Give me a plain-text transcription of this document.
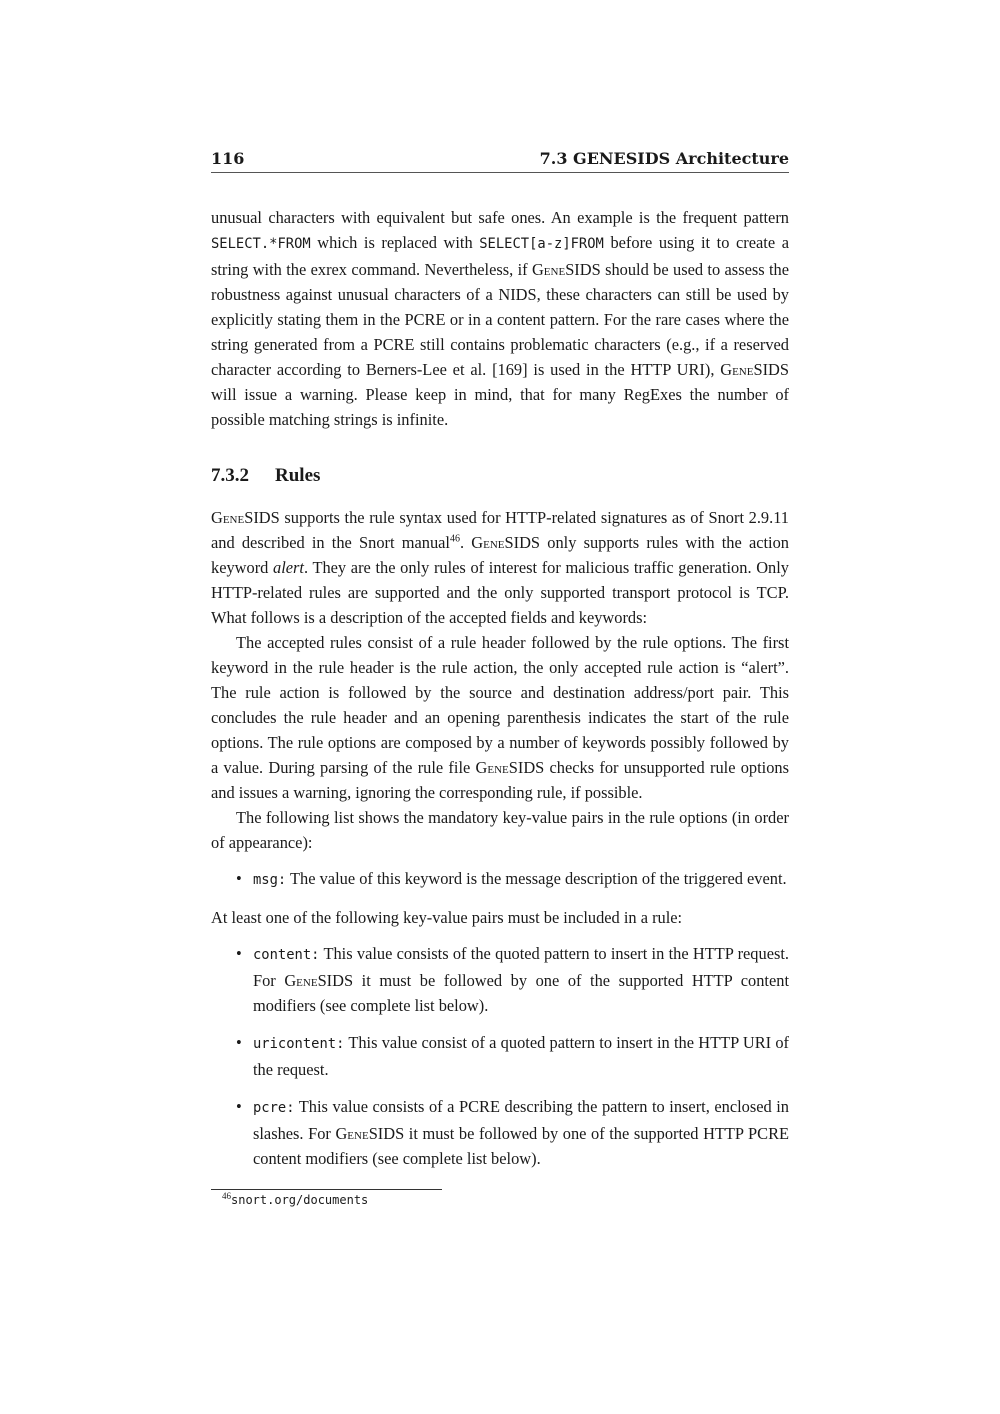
116	7.3 GENESIDS Architecture

unusual characters with equivalent but safe ones. An example is the frequent pattern SELECT.*FROM which is replaced with SELECT[a-z]FROM before using it to create a string with the exrex command. Nevertheless, if GeneSIDS should be used to assess the robustness against unusual characters of a NIDS, these characters can still be used by explicitly stating them in the PCRE or in a content pattern. For the rare cases where the string generated from a PCRE still contains problematic characters (e.g., if a reserved character according to Berners-Lee et al. [169] is used in the HTTP URI), GeneSIDS will issue a warning. Please keep in mind, that for many RegExes the number of possible matching strings is infinite.

7.3.2 Rules

GeneSIDS supports the rule syntax used for HTTP-related signatures as of Snort 2.9.11 and described in the Snort manual$^{46}$. GeneSIDS only supports rules with the action keyword alert. They are the only rules of interest for malicious traffic generation. Only HTTP-related rules are supported and the only supported transport protocol is TCP. What follows is a description of the accepted fields and keywords:

The accepted rules consist of a rule header followed by the rule options. The first keyword in the rule header is the rule action, the only accepted rule action is “alert”. The rule action is followed by the source and destination address/port pair. This concludes the rule header and an opening parenthesis indicates the start of the rule options. The rule options are composed by a number of keywords possibly followed by a value. During parsing of the rule file GeneSIDS checks for unsupported rule options and issues a warning, ignoring the corresponding rule, if possible.

The following list shows the mandatory key-value pairs in the rule options (in order of appearance):

• msg: The value of this keyword is the message description of the triggered event.

At least one of the following key-value pairs must be included in a rule:

• content: This value consists of the quoted pattern to insert in the HTTP request. For GeneSIDS it must be followed by one of the supported HTTP content modifiers (see complete list below).
• uricontent: This value consist of a quoted pattern to insert in the HTTP URI of the request.
• pcre: This value consists of a PCRE describing the pattern to insert, enclosed in slashes. For GeneSIDS it must be followed by one of the supported HTTP PCRE content modifiers (see complete list below).
$^{46}$snort.org/documents
